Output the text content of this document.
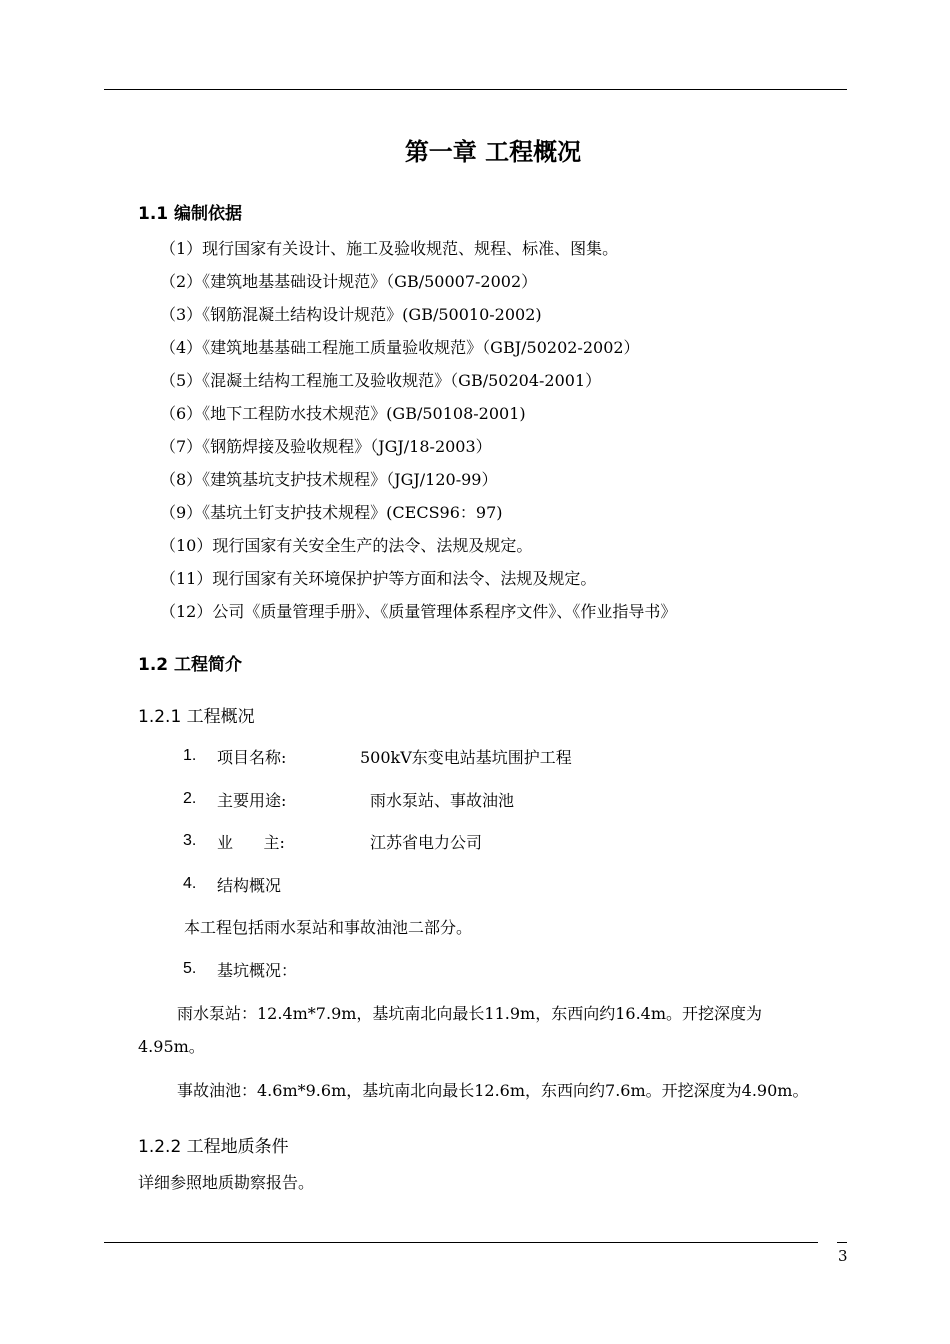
第一章 工程概况
1.1 编制依据
（1）现行国家有关设计、施工及验收规范、规程、标准、图集。
（2）《建筑地基基础设计规范》（GB/50007-2002）
（3）《钢筋混凝土结构设计规范》(GB/50010-2002)
（4）《建筑地基基础工程施工质量验收规范》（GBJ/50202-2002）
（5）《混凝土结构工程施工及验收规范》（GB/50204-2001）
（6）《地下工程防水技术规范》(GB/50108-2001)
（7）《钢筋焊接及验收规程》（JGJ/18-2003）
（8）《建筑基坑支护技术规程》（JGJ/120-99）
（9）《基坑土钉支护技术规程》(CECS96：97)
（10）现行国家有关安全生产的法令、法规及规定。
（11）现行国家有关环境保护护等方面和法令、法规及规定。
（12）公司《质量管理手册》、《质量管理体系程序文件》、《作业指导书》
1.2 工程简介
1.2.1 工程概况
1. 项目名称:	500kV东变电站基坑围护工程
2. 主要用途:	雨水泵站、事故油池
3. 业      主:	江苏省电力公司
4. 结构概况
本工程包括雨水泵站和事故油池二部分。
5. 基坑概况：
雨水泵站：12.4m*7.9m，基坑南北向最长11.9m，东西向约16.4m。开挖深度为
4.95m。
事故油池：4.6m*9.6m，基坑南北向最长12.6m，东西向约7.6m。开挖深度为4.90m。
1.2.2 工程地质条件
详细参照地质勘察报告。
3
